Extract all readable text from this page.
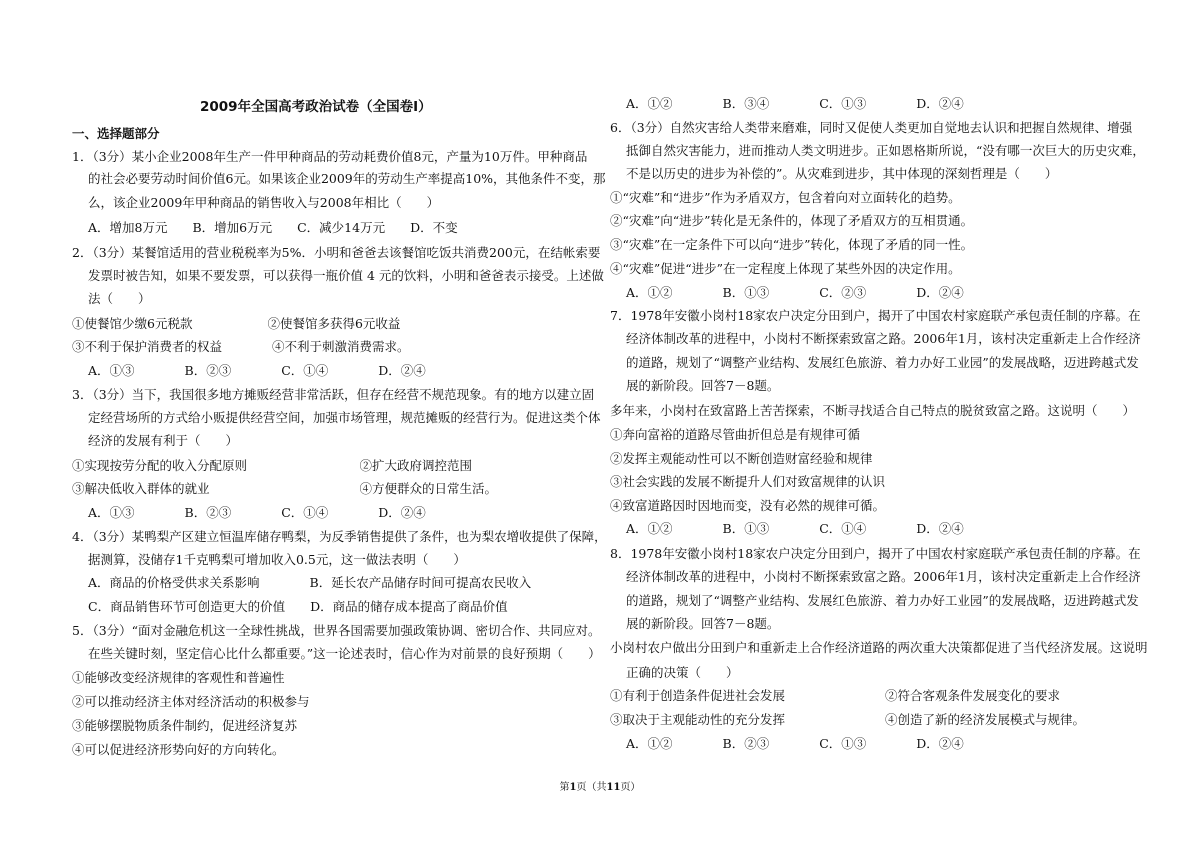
2009年全国高考政治试卷（全国卷Ⅰ）
一、选择题部分
1．（3分）某小企业2008年生产一件甲种商品的劳动耗费价值8元，产量为10万件。甲种商品
的社会必要劳动时间价值6元。如果该企业2009年的劳动生产率提高10%，其他条件不变，那
么，该企业2009年甲种商品的销售收入与2008年相比（　　）
A．增加8万元　　B．增加6万元　　C．减少14万元　　D．不变
2．（3分）某餐馆适用的营业税税率为5%．小明和爸爸去该餐馆吃饭共消费200元，在结帐索要
发票时被告知，如果不要发票，可以获得一瓶价值 4 元的饮料，小明和爸爸表示接受。上述做
法（　　）
①使餐馆少缴6元税款　　　　　　②使餐馆多获得6元收益
③不利于保护消费者的权益　　　　④不利于刺激消费需求。
A．①③　　　　B．②③　　　　C．①④　　　　D．②④
3．（3分）当下，我国很多地方摊贩经营非常活跃，但存在经营不规范现象。有的地方以建立固
定经营场所的方式给小贩提供经营空间，加强市场管理，规范摊贩的经营行为。促进这类个体
经济的发展有利于（　　）
①实现按劳分配的收入分配原则　　　　　　　　　②扩大政府调控范围
③解决低收入群体的就业　　　　　　　　　　　　④方便群众的日常生活。
A．①③　　　　B．②③　　　　C．①④　　　　D．②④
4．（3分）某鸭梨产区建立恒温库储存鸭梨，为反季销售提供了条件，也为梨农增收提供了保障，
据测算，没储存1千克鸭梨可增加收入0.5元，这一做法表明（　　）
A．商品的价格受供求关系影响　　　　B．延长农产品储存时间可提高农民收入
C．商品销售环节可创造更大的价值　　D．商品的储存成本提高了商品价值
5．（3分）“面对金融危机这一全球性挑战，世界各国需要加强政策协调、密切合作、共同应对。
在些关键时刻，坚定信心比什么都重要。”这一论述表时，信心作为对前景的良好预期（　　）
①能够改变经济规律的客观性和普遍性
②可以推动经济主体对经济活动的积极参与
③能够摆脱物质条件制约，促进经济复苏
④可以促进经济形势向好的方向转化。
A．①②　　　　B．③④　　　　C．①③　　　　D．②④
6．（3分）自然灾害给人类带来磨难，同时又促使人类更加自觉地去认识和把握自然规律、增强
抵御自然灾害能力，进而推动人类文明进步。正如恩格斯所说，“没有哪一次巨大的历史灾难，
不是以历史的进步为补偿的”。从灾难到进步，其中体现的深刻哲理是（　　）
①“灾难”和“进步”作为矛盾双方，包含着向对立面转化的趋势。
②“灾难”向“进步”转化是无条件的，体现了矛盾双方的互相贯通。
③“灾难”在一定条件下可以向“进步”转化，体现了矛盾的同一性。
④“灾难”促进“进步”在一定程度上体现了某些外因的决定作用。
A．①②　　　　B．①③　　　　C．②③　　　　D．②④
7．1978年安徽小岗村18家农户决定分田到户，揭开了中国农村家庭联产承包责任制的序幕。在
经济体制改革的进程中，小岗村不断探索致富之路。2006年1月，该村决定重新走上合作经济
的道路，规划了“调整产业结构、发展红色旅游、着力办好工业园”的发展战略，迈进跨越式发
展的新阶段。回答7－8题。
多年来，小岗村在致富路上苦苦探索，不断寻找适合自己特点的脱贫致富之路。这说明（　　）
①奔向富裕的道路尽管曲折但总是有规律可循
②发挥主观能动性可以不断创造财富经验和规律
③社会实践的发展不断提升人们对致富规律的认识
④致富道路因时因地而变，没有必然的规律可循。
A．①②　　　　B．①③　　　　C．①④　　　　D．②④
8．1978年安徽小岗村18家农户决定分田到户，揭开了中国农村家庭联产承包责任制的序幕。在
经济体制改革的进程中，小岗村不断探索致富之路。2006年1月，该村决定重新走上合作经济
的道路，规划了“调整产业结构、发展红色旅游、着力办好工业园”的发展战略，迈进跨越式发
展的新阶段。回答7－8题。
小岗村农户做出分田到户和重新走上合作经济道路的两次重大决策都促进了当代经济发展。这说明
正确的决策（　　）
①有利于创造条件促进社会发展　　　　　　　　②符合客观条件发展变化的要求
③取决于主观能动性的充分发挥　　　　　　　　④创造了新的经济发展模式与规律。
A．①②　　　　B．②③　　　　C．①③　　　　D．②④
第1页（共11页）
